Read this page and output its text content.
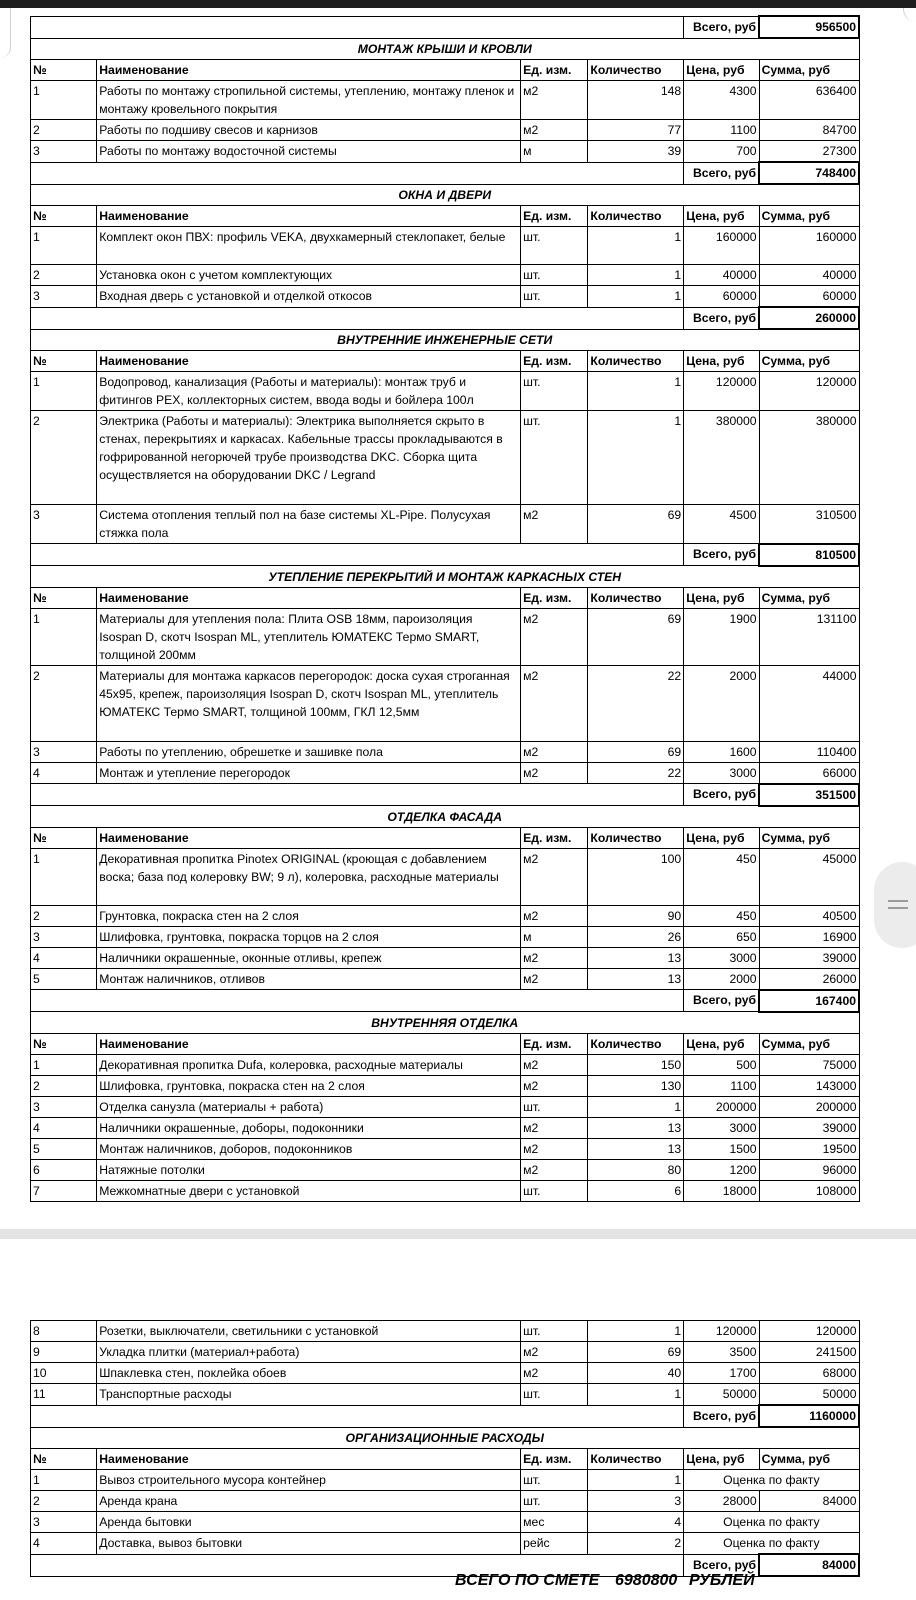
				Всего, руб	956500
МОНТАЖ КРЫШИ И КРОВЛИ					
№	Наименование	Ед. изм.	Количество	Цена, руб	Сумма, руб
1	Работы по монтажу стропильной системы, утеплению, монтажу пленок и монтажу кровельного покрытия	м2	148	4300	636400
2	Работы по подшиву свесов и карнизов	м2	77	1100	84700
3	Работы по монтажу водосточной системы	м	39	700	27300
				Всего, руб	748400
ОКНА И ДВЕРИ					
№	Наименование	Ед. изм.	Количество	Цена, руб	Сумма, руб
1	Комплект окон ПВХ: профиль VEKA, двухкамерный стеклопакет, белые	шт.	1	160000	160000
2	Установка окон с учетом комплектующих	шт.	1	40000	40000
3	Входная дверь с установкой и отделкой откосов	шт.	1	60000	60000
				Всего, руб	260000
ВНУТРЕННИЕ ИНЖЕНЕРНЫЕ СЕТИ					
№	Наименование	Ед. изм.	Количество	Цена, руб	Сумма, руб
1	Водопровод, канализация (Работы и материалы): монтаж труб и фитингов PEX, коллекторных систем, ввода воды и бойлера 100л	шт.	1	120000	120000
2	Электрика (Работы и материалы): Электрика выполняется скрыто в стенах, перекрытиях и каркасах. Кабельные трассы прокладываются в гофрированной негорючей трубе производства DKC. Сборка щита осуществляется на оборудовании DKC / Legrand	шт.	1	380000	380000
3	Система отопления теплый пол на базе системы XL-Pipe. Полусухая стяжка пола	м2	69	4500	310500
				Всего, руб	810500
УТЕПЛЕНИЕ ПЕРЕКРЫТИЙ И МОНТАЖ КАРКАСНЫХ СТЕН					
№	Наименование	Ед. изм.	Количество	Цена, руб	Сумма, руб
1	Материалы для утепления пола: Плита OSB 18мм, пароизоляция Isospan D, скотч Isospan ML, утеплитель ЮМАТЕКС Термо SMART, толщиной 200мм	м2	69	1900	131100
2	Материалы для монтажа каркасов перегородок: доска сухая строганная 45х95, крепеж, пароизоляция Isospan D, скотч Isospan ML, утеплитель ЮМАТЕКС Термо SMART, толщиной 100мм, ГКЛ 12,5мм	м2	22	2000	44000
3	Работы по утеплению, обрешетке и зашивке пола	м2	69	1600	110400
4	Монтаж и утепление перегородок	м2	22	3000	66000
				Всего, руб	351500
ОТДЕЛКА ФАСАДА					
№	Наименование	Ед. изм.	Количество	Цена, руб	Сумма, руб
1	Декоративная пропитка Pinotex ORIGINAL (кроющая с добавлением воска; база под колеровку BW; 9 л), колеровка, расходные материалы	м2	100	450	45000
2	Грунтовка, покраска стен на 2 слоя	м2	90	450	40500
3	Шлифовка, грунтовка, покраска торцов на 2 слоя	м	26	650	16900
4	Наличники окрашенные, оконные отливы, крепеж	м2	13	3000	39000
5	Монтаж наличников, отливов	м2	13	2000	26000
				Всего, руб	167400
ВНУТРЕННЯЯ ОТДЕЛКА					
№	Наименование	Ед. изм.	Количество	Цена, руб	Сумма, руб
1	Декоративная пропитка Dufa, колеровка, расходные материалы	м2	150	500	75000
2	Шлифовка, грунтовка, покраска стен на 2 слоя	м2	130	1100	143000
3	Отделка санузла (материалы + работа)	шт.	1	200000	200000
4	Наличники окрашенные, доборы, подоконники	м2	13	3000	39000
5	Монтаж наличников, доборов, подоконников	м2	13	1500	19500
6	Натяжные потолки	м2	80	1200	96000
7	Межкомнатные двери с установкой	шт.	6	18000	108000
8	Розетки, выключатели, светильники с установкой	шт.	1	120000	120000
9	Укладка плитки (материал+работа)	м2	69	3500	241500
10	Шпаклевка стен, поклейка обоев	м2	40	1700	68000
11	Транспортные расходы	шт.	1	50000	50000
				Всего, руб	1160000
ОРГАНИЗАЦИОННЫЕ РАСХОДЫ					
№	Наименование	Ед. изм.	Количество	Цена, руб	Сумма, руб
1	Вывоз строительного мусора контейнер	шт.	1	Оценка по факту	
2	Аренда крана	шт.	3	28000	84000
3	Аренда бытовки	мес	4	Оценка по факту	
4	Доставка, вывоз бытовки	рейс	2	Оценка по факту	
				Всего, руб	84000
ВСЕГО ПО СМЕТЕ 6980800 РУБЛЕЙ
